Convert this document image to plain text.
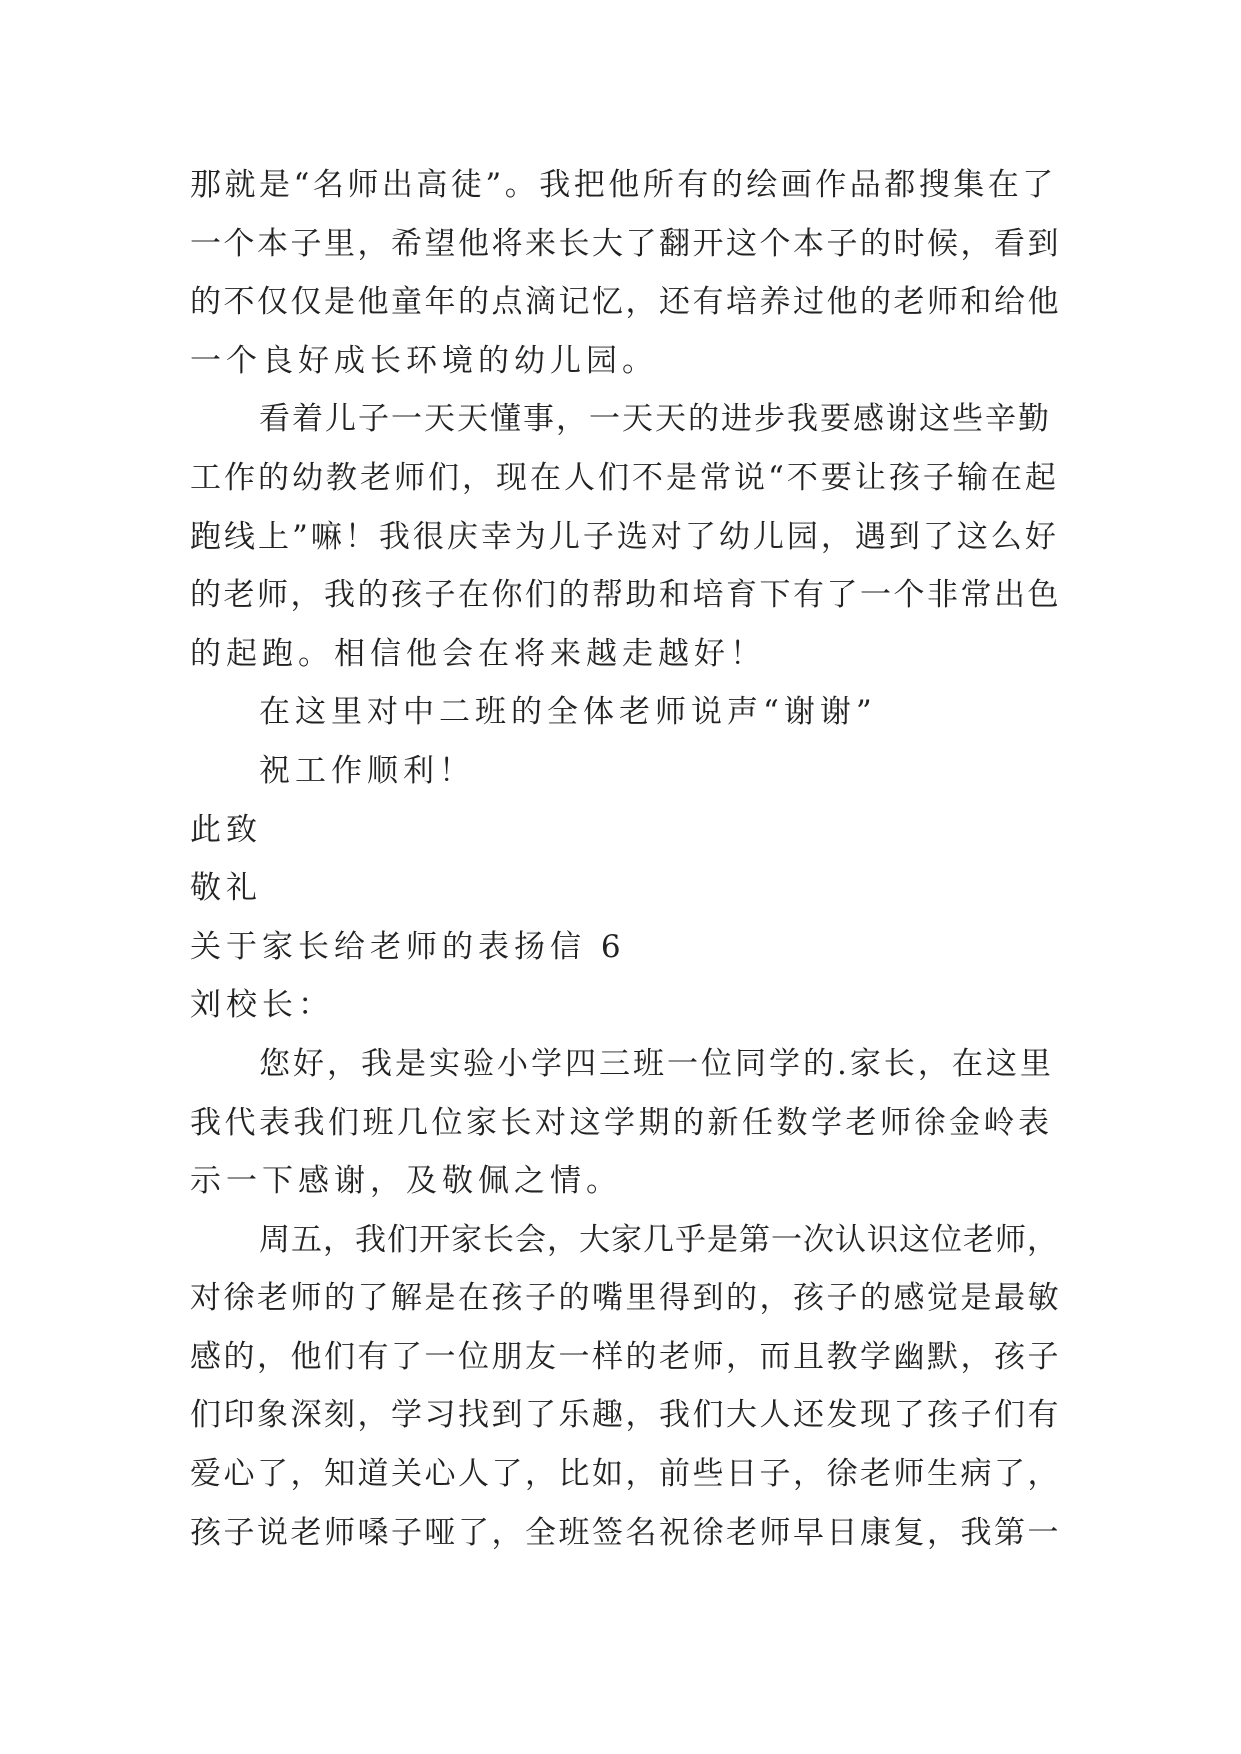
那就是“名师出高徒”。我把他所有的绘画作品都搜集在了
一个本子里，希望他将来长大了翻开这个本子的时候，看到
的不仅仅是他童年的点滴记忆，还有培养过他的老师和给他
一个良好成长环境的幼儿园。
看着儿子一天天懂事，一天天的进步我要感谢这些辛勤
工作的幼教老师们，现在人们不是常说“不要让孩子输在起
跑线上”嘛！我很庆幸为儿子选对了幼儿园，遇到了这么好
的老师，我的孩子在你们的帮助和培育下有了一个非常出色
的起跑。相信他会在将来越走越好！
在这里对中二班的全体老师说声“谢谢”
祝工作顺利！
此致
敬礼
关于家长给老师的表扬信 6
刘校长：
您好，我是实验小学四三班一位同学的.家长，在这里
我代表我们班几位家长对这学期的新任数学老师徐金岭表
示一下感谢，及敬佩之情。
周五，我们开家长会，大家几乎是第一次认识这位老师，
对徐老师的了解是在孩子的嘴里得到的，孩子的感觉是最敏
感的，他们有了一位朋友一样的老师，而且教学幽默，孩子
们印象深刻，学习找到了乐趣，我们大人还发现了孩子们有
爱心了，知道关心人了，比如，前些日子，徐老师生病了，
孩子说老师嗓子哑了，全班签名祝徐老师早日康复，我第一
